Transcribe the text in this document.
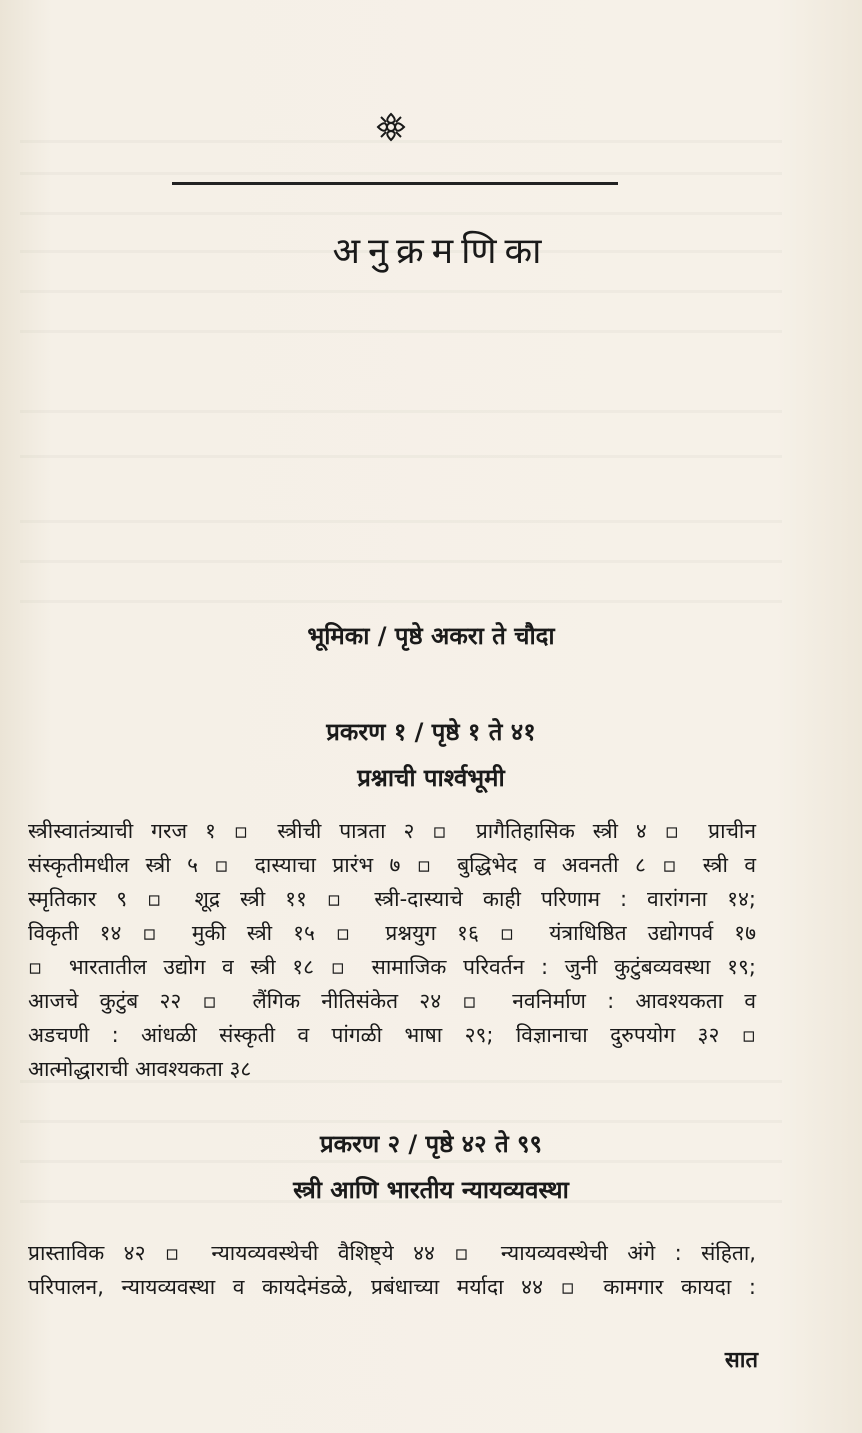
अनुक्रमणिका

भूमिका / पृष्ठे अकरा ते चौदा

प्रकरण १ / पृष्ठे १ ते ४१

प्रश्नाची पार्श्वभूमी

स्त्रीस्वातंत्र्याची गरज १ ▫ स्त्रीची पात्रता २ ▫ प्रागैतिहासिक स्त्री ४ ▫ प्राचीन
संस्कृतीमधील स्त्री ५ ▫ दास्याचा प्रारंभ ७ ▫ बुद्धिभेद व अवनती ८ ▫ स्त्री व
स्मृतिकार ९ ▫ शूद्र स्त्री ११ ▫ स्त्री-दास्याचे काही परिणाम : वारांगना १४;
विकृती १४ ▫ मुकी स्त्री १५ ▫ प्रश्नयुग १६ ▫ यंत्राधिष्ठित उद्योगपर्व १७
▫ भारतातील उद्योग व स्त्री १८ ▫ सामाजिक परिवर्तन : जुनी कुटुंबव्यवस्था १९;
आजचे कुटुंब २२ ▫ लैंगिक नीतिसंकेत २४ ▫ नवनिर्माण : आवश्यकता व
अडचणी : आंधळी संस्कृती व पांगळी भाषा २९; विज्ञानाचा दुरुपयोग ३२ ▫
आत्मोद्धाराची आवश्यकता ३८

प्रकरण २ / पृष्ठे ४२ ते ९९

स्त्री आणि भारतीय न्यायव्यवस्था

प्रास्ताविक ४२ ▫ न्यायव्यवस्थेची वैशिष्ट्ये ४४ ▫ न्यायव्यवस्थेची अंगे : संहिता,
परिपालन, न्यायव्यवस्था व कायदेमंडळे, प्रबंधाच्या मर्यादा ४४ ▫ कामगार कायदा :

सात
